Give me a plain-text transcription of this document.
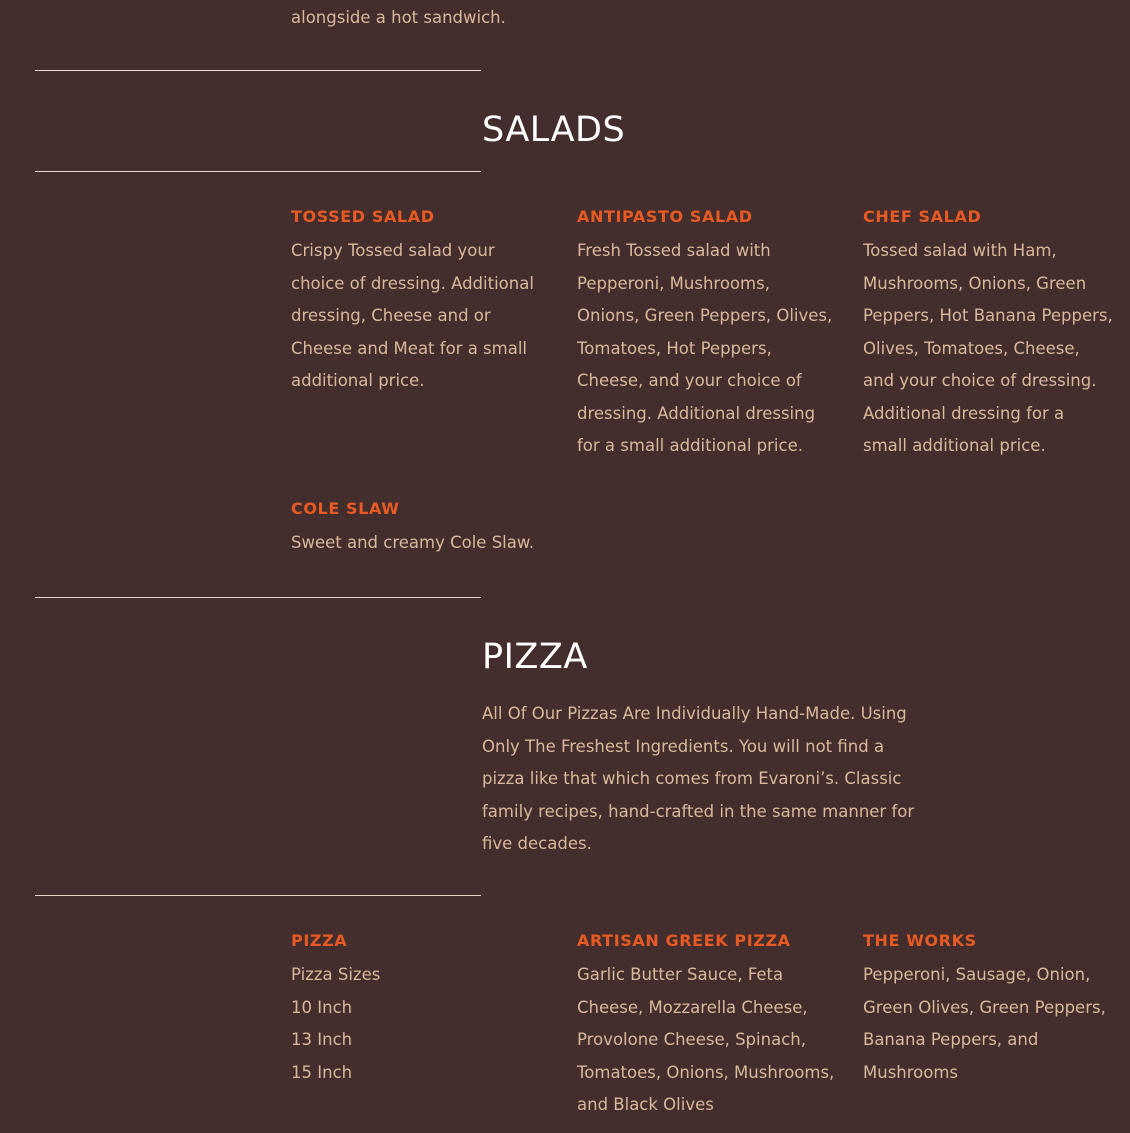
alongside a hot sandwich.

SALADS
TOSSED SALAD

Crispy Tossed salad your choice of dressing. Additional dressing, Cheese and or Cheese and Meat for a small additional price.

ANTIPASTO SALAD

Fresh Tossed salad with Pepperoni, Mushrooms, Onions, Green Peppers, Olives, Tomatoes, Hot Peppers, Cheese, and your choice of dressing. Additional dressing for a small additional price.

CHEF SALAD

Tossed salad with Ham, Mushrooms, Onions, Green Peppers, Hot Banana Peppers, Olives, Tomatoes, Cheese, and your choice of dressing. Additional dressing for a small additional price.

COLE SLAW

Sweet and creamy Cole Slaw.

PIZZA

All Of Our Pizzas Are Individually Hand-Made. Using Only The Freshest Ingredients. You will not find a pizza like that which comes from Evaroni’s. Classic family recipes, hand-crafted in the same manner for five decades.

PIZZA
Pizza Sizes
10 Inch
13 Inch
15 Inch
ARTISAN GREEK PIZZA

Garlic Butter Sauce, Feta Cheese, Mozzarella Cheese, Provolone Cheese, Spinach, Tomatoes, Onions, Mushrooms, and Black Olives

THE WORKS

Pepperoni, Sausage, Onion, Green Olives, Green Peppers, Banana Peppers, and Mushrooms
